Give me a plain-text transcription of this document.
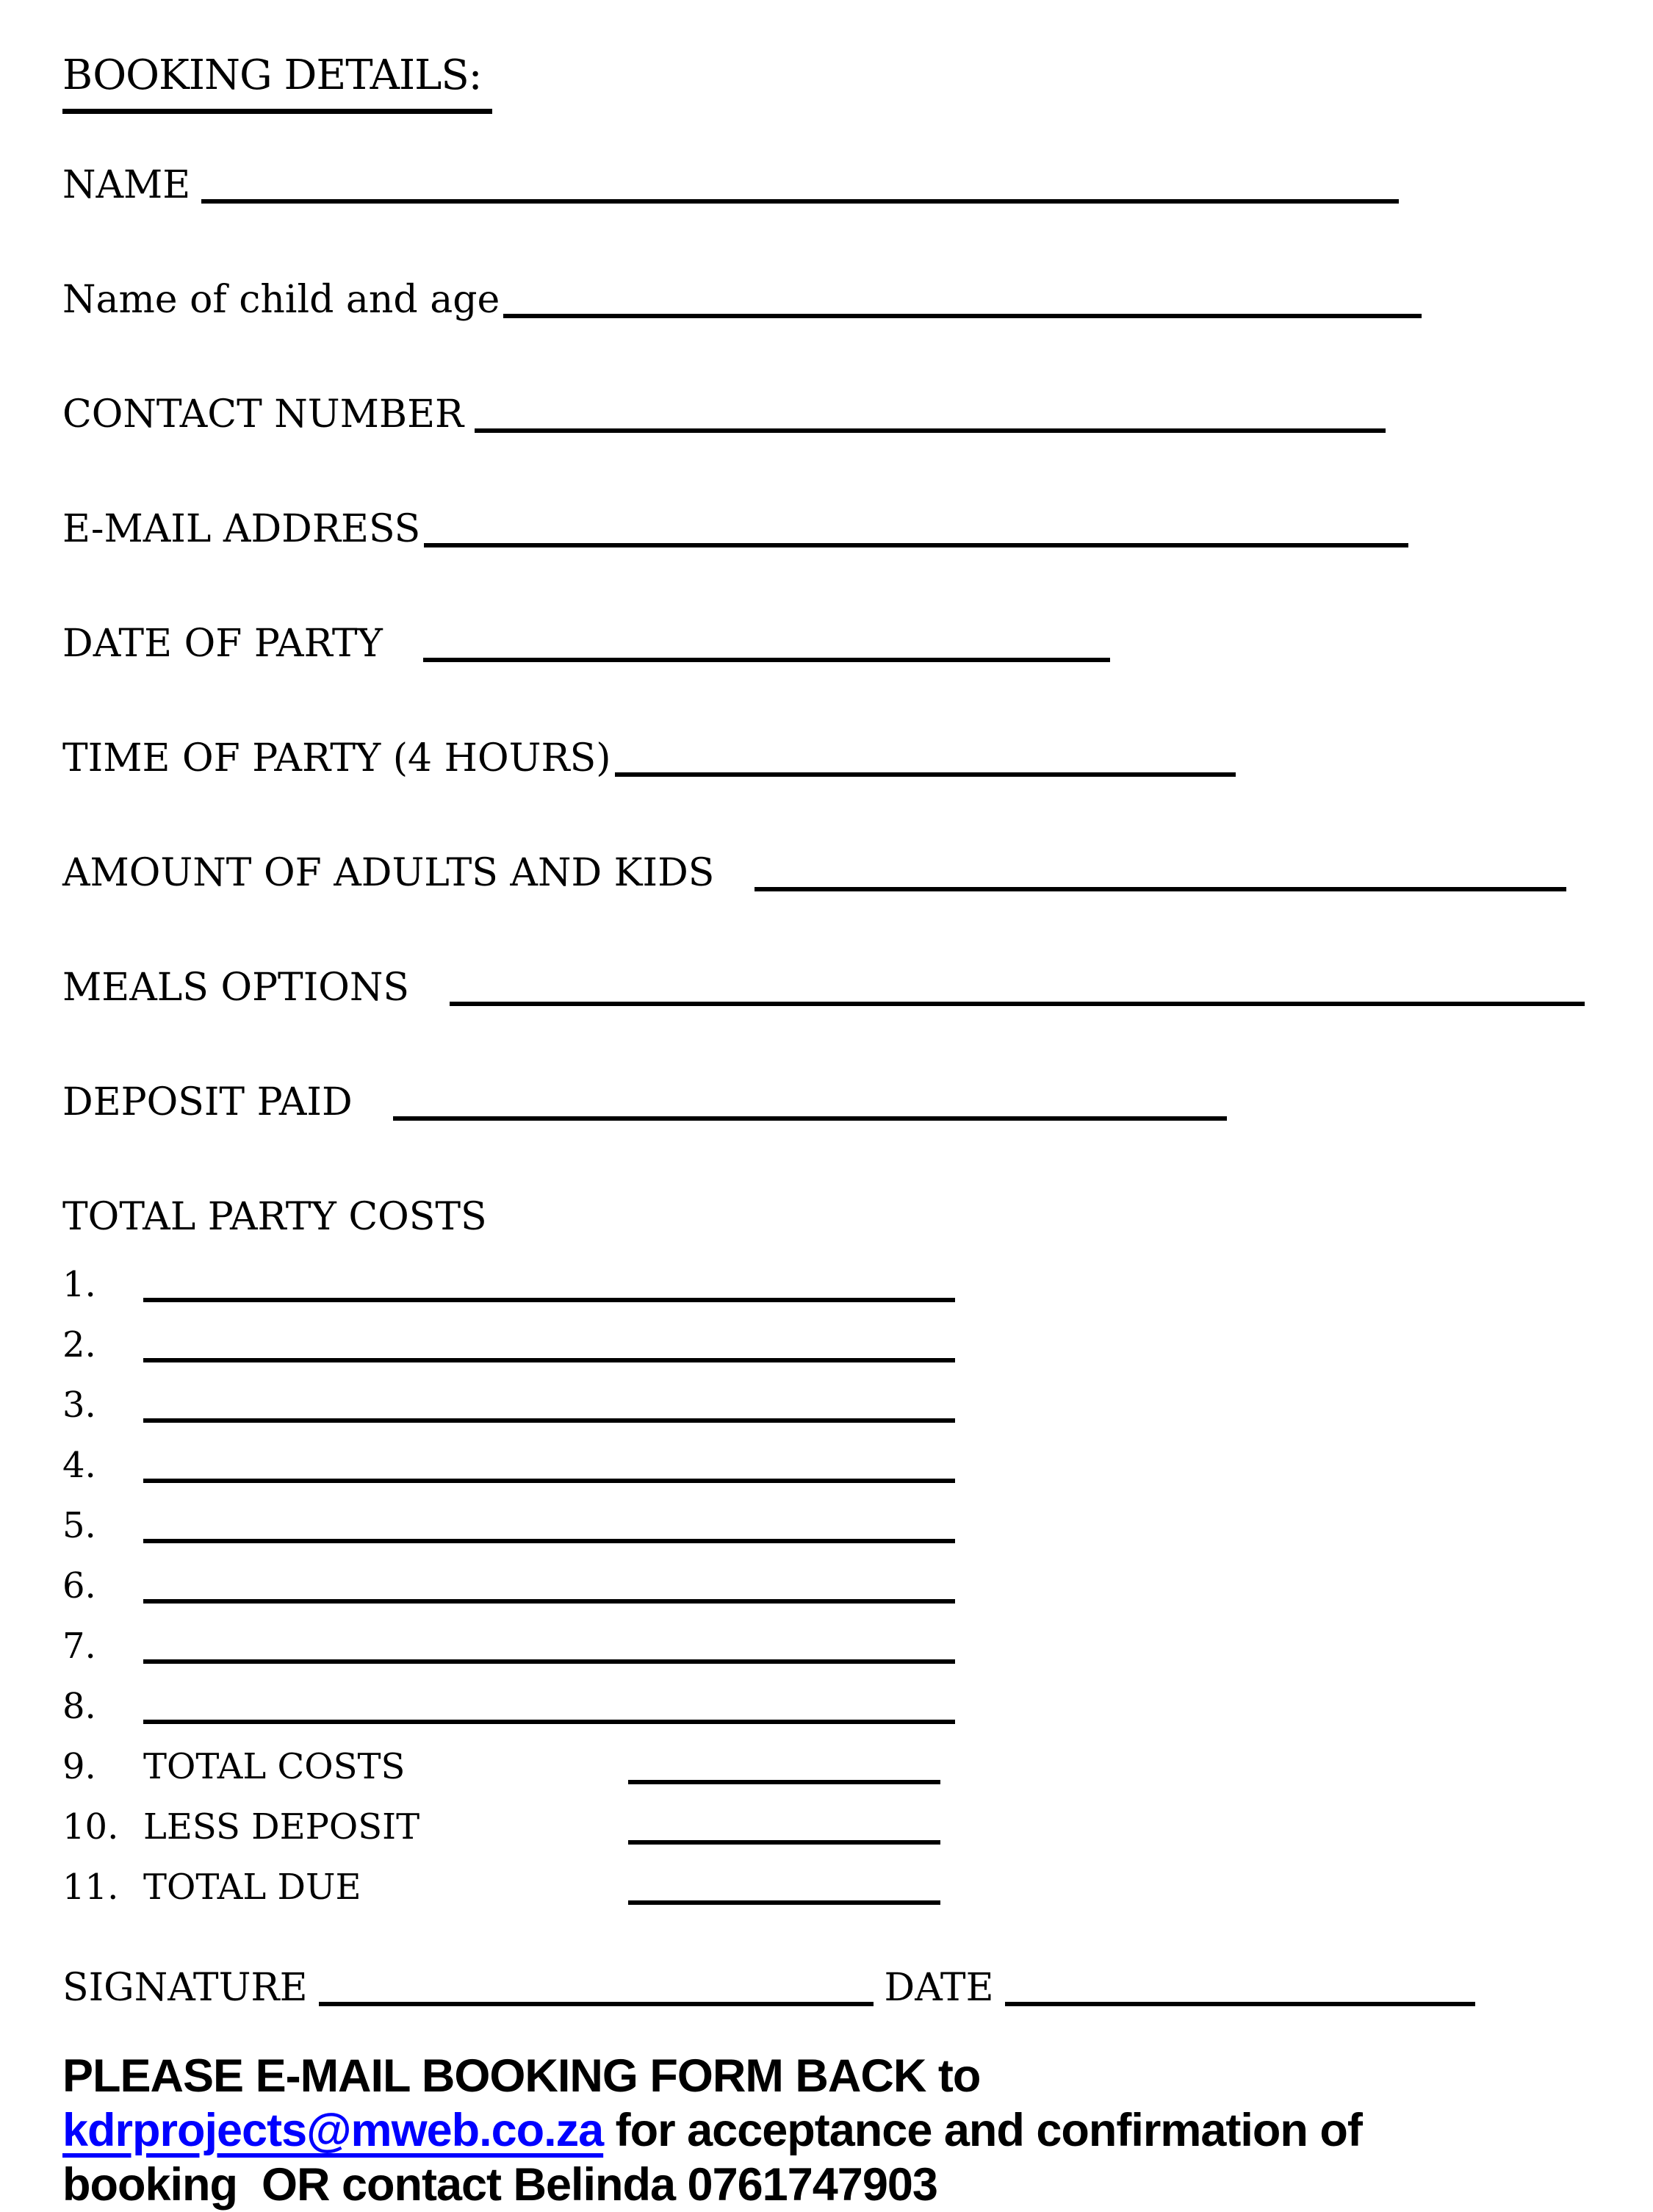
BOOKING DETAILS:
NAME
Name of child and age
CONTACT NUMBER
E-MAIL ADDRESS
DATE OF PARTY
TIME OF PARTY (4 HOURS)
AMOUNT OF ADULTS AND KIDS
MEALS OPTIONS
DEPOSIT PAID
TOTAL PARTY COSTS
1.
2.
3.
4.
5.
6.
7.
8.
9. TOTAL COSTS
10. LESS DEPOSIT
11. TOTAL DUE
SIGNATURE	DATE

PLEASE E-MAIL BOOKING FORM BACK to
kdrprojects@mweb.co.za for acceptance and confirmation of
booking  OR contact Belinda 0761747903
